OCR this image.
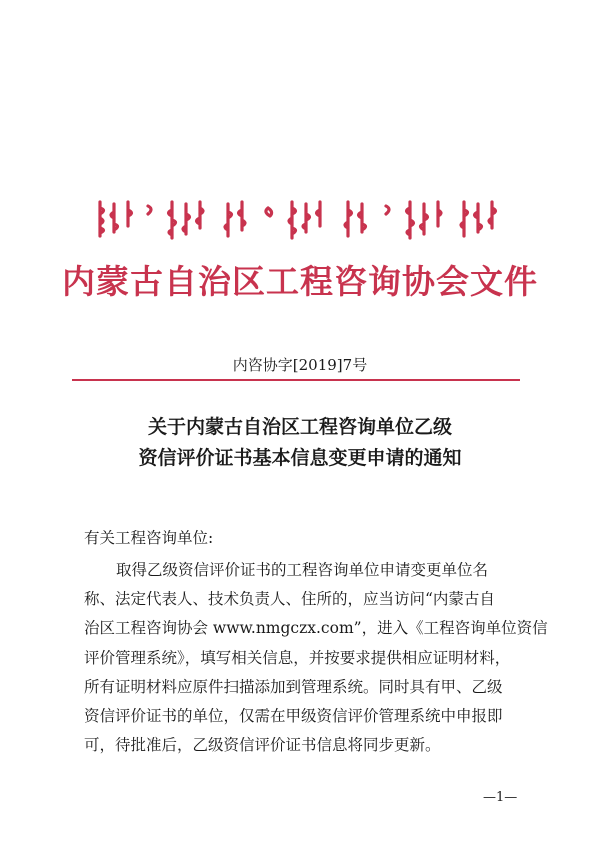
内蒙古自治区工程咨询协会文件
内咨协字[2019]7号
关于内蒙古自治区工程咨询单位乙级
资信评价证书基本信息变更申请的通知
有关工程咨询单位:
取得乙级资信评价证书的工程咨询单位申请变更单位名
称、法定代表人、技术负责人、住所的，应当访问“内蒙古自
治区工程咨询协会 www.nmgczx.com”，进入《工程咨询单位资信
评价管理系统》，填写相关信息，并按要求提供相应证明材料，
所有证明材料应原件扫描添加到管理系统。同时具有甲、乙级
资信评价证书的单位，仅需在甲级资信评价管理系统中申报即
可，待批准后，乙级资信评价证书信息将同步更新。
—1—
